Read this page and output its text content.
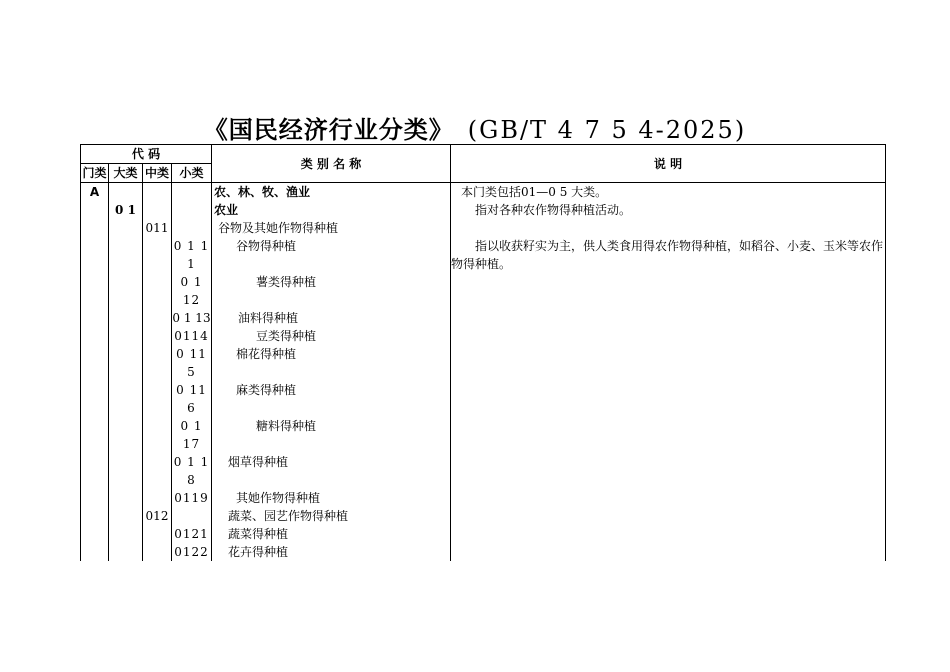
《国民经济行业分类》 (GB/T 4 7 5 4-2025)
代 码				类 别 名 称	说 明
门类	大类	中类	小类		
A				农、林、牧、渔业	本门类包括01—0 5 大类。
	0 1			农业	指对各种农作物得种植活动。
		011		谷物及其她作物得种植	
			0 1 1	谷物得种植	指以收获籽实为主，供人类食用得农作物得种植，如稻谷、小麦、玉米等农作物得种植。
			1		
			0 1	薯类得种植	
			12		
			0 1 13	油料得种植	
			0114	豆类得种植	
			0 11	棉花得种植	
			5		
			0 11	麻类得种植	
			6		
			0 1	糖料得种植	
			17		
			0 1 1	烟草得种植	
			8		
			0119	其她作物得种植	
		012		蔬菜、园艺作物得种植	
			0121	蔬菜得种植	
			0122	花卉得种植	
